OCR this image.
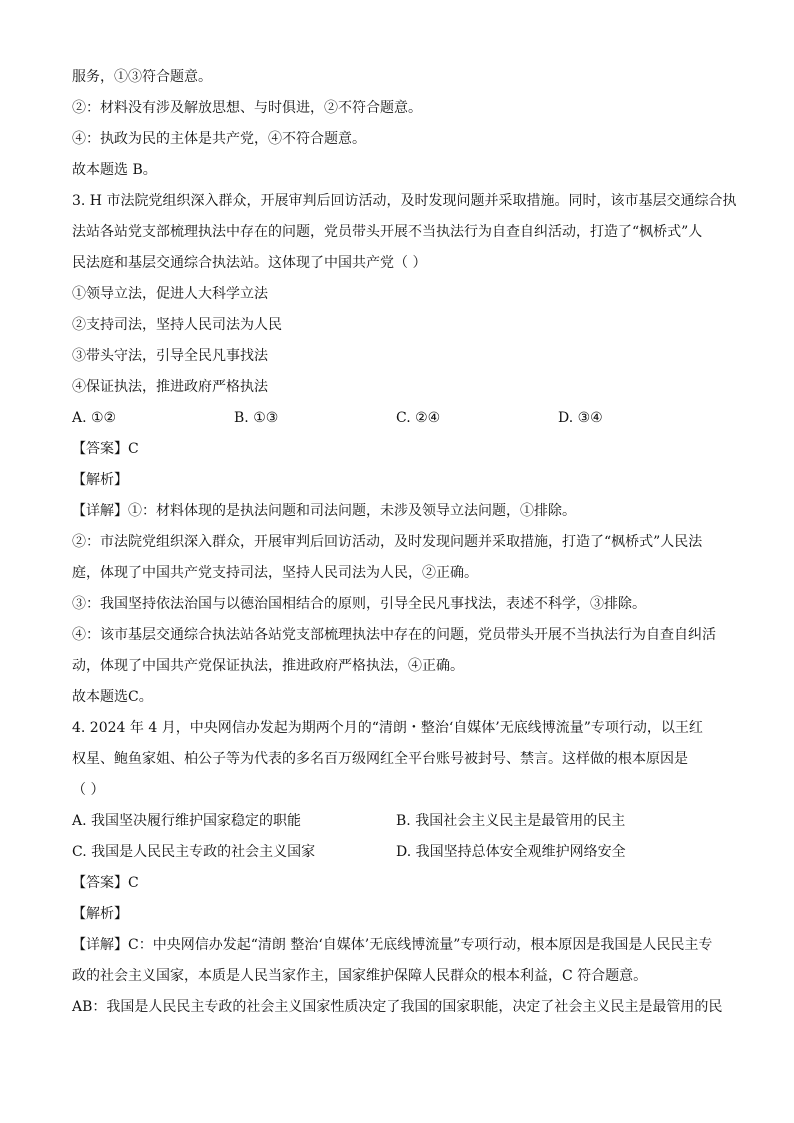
服务，①③符合题意。
②：材料没有涉及解放思想、与时俱进，②不符合题意。
④：执政为民的主体是共产党，④不符合题意。
故本题选 B。
3. H 市法院党组织深入群众，开展审判后回访活动，及时发现问题并采取措施。同时，该市基层交通综合执
法站各站党支部梳理执法中存在的问题，党员带头开展不当执法行为自查自纠活动，打造了“枫桥式”人
民法庭和基层交通综合执法站。这体现了中国共产党（ ）
①领导立法，促进人大科学立法
②支持司法，坚持人民司法为人民
③带头守法，引导全民凡事找法
④保证执法，推进政府严格执法
A. ①②	B. ①③	C. ②④	D. ③④
【答案】C
【解析】
【详解】①：材料体现的是执法问题和司法问题，未涉及领导立法问题，①排除。
②：市法院党组织深入群众，开展审判后回访活动，及时发现问题并采取措施，打造了“枫桥式”人民法
庭，体现了中国共产党支持司法，坚持人民司法为人民，②正确。
③：我国坚持依法治国与以德治国相结合的原则，引导全民凡事找法，表述不科学，③排除。
④：该市基层交通综合执法站各站党支部梳理执法中存在的问题，党员带头开展不当执法行为自查自纠活
动，体现了中国共产党保证执法，推进政府严格执法，④正确。
故本题选C。
4. 2024 年 4 月，中央网信办发起为期两个月的“清朗・整治‘自媒体’无底线博流量”专项行动，以王红
权星、鲍鱼家姐、柏公子等为代表的多名百万级网红全平台账号被封号、禁言。这样做的根本原因是
（ ）
A. 我国坚决履行维护国家稳定的职能	B. 我国社会主义民主是最管用的民主
C. 我国是人民民主专政的社会主义国家	D. 我国坚持总体安全观维护网络安全
【答案】C
【解析】
【详解】C：中央网信办发起“清朗 整治‘自媒体’无底线博流量”专项行动，根本原因是我国是人民民主专
政的社会主义国家，本质是人民当家作主，国家维护保障人民群众的根本利益，C 符合题意。
AB：我国是人民民主专政的社会主义国家性质决定了我国的国家职能，决定了社会主义民主是最管用的民
